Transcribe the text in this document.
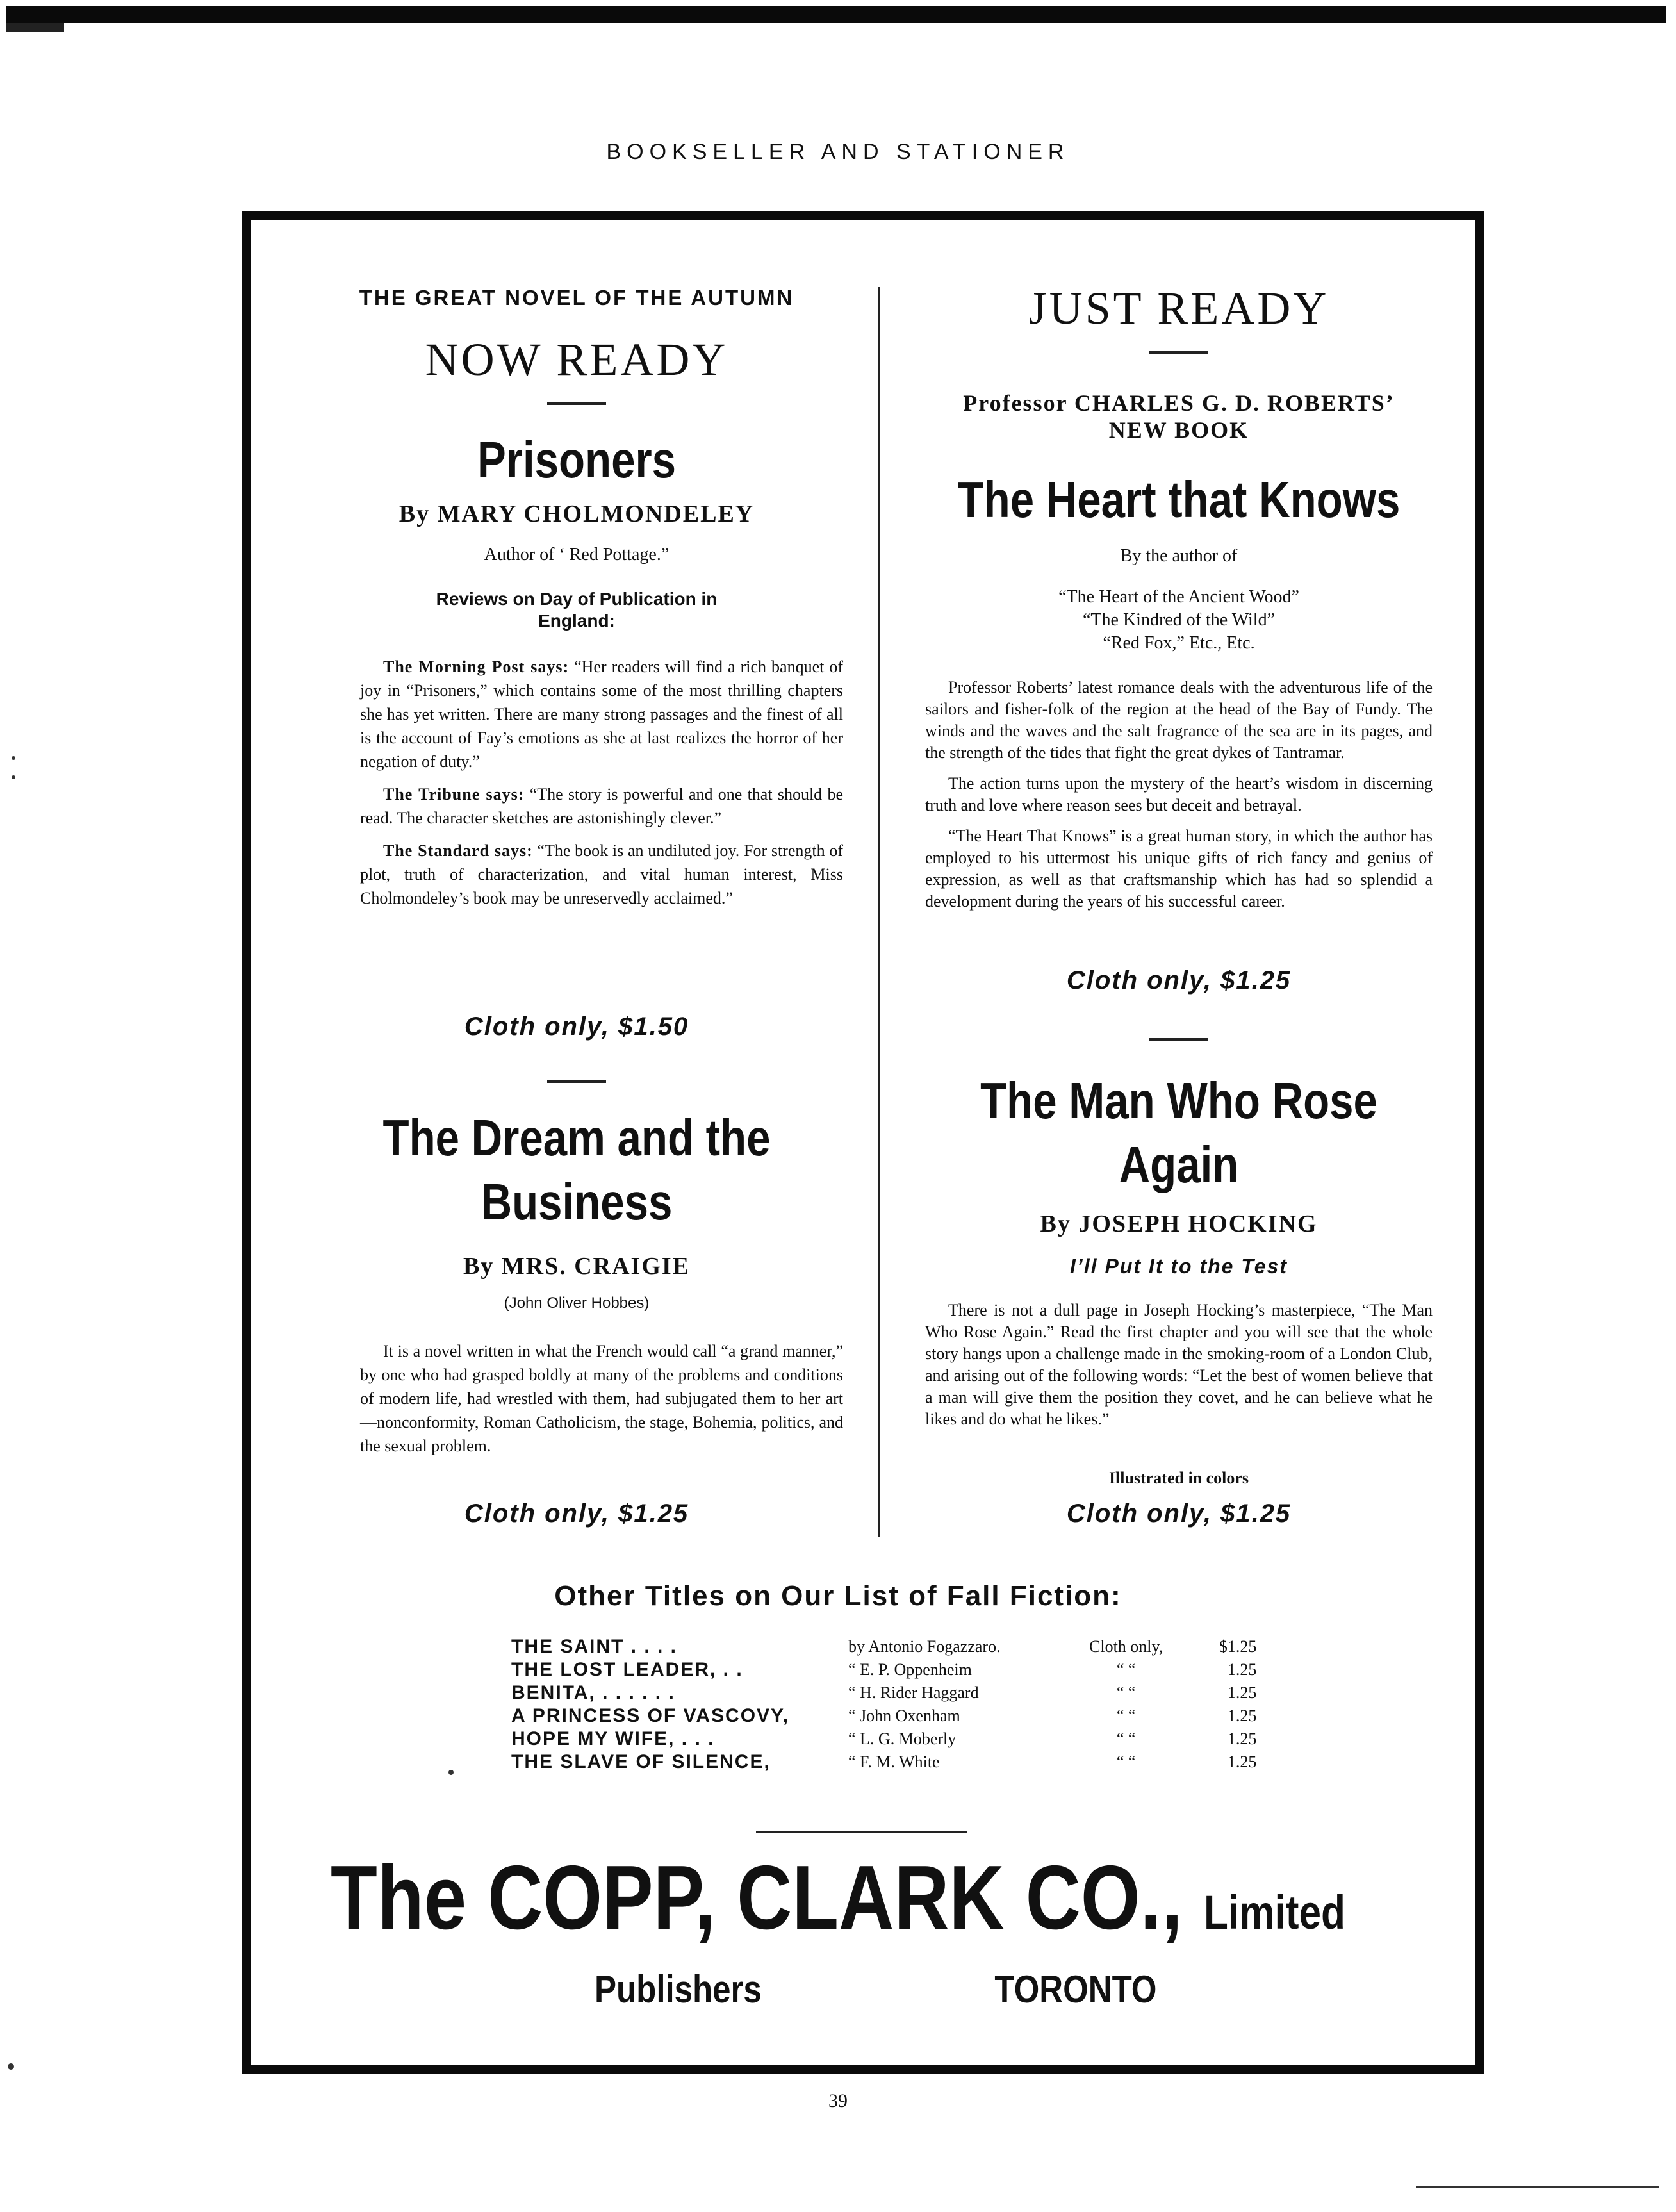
BOOKSELLER AND STATIONER
THE GREAT NOVEL OF THE AUTUMN
NOW READY
Prisoners
By MARY CHOLMONDELEY
Author of ‘ Red Pottage.”
Reviews on Day of Publication in
England:

The Morning Post says: “Her readers will find a rich banquet of joy in “Prisoners,” which contains some of the most thrilling chapters she has yet written. There are many strong passages and the finest of all is the account of Fay’s emotions as she at last realizes the horror of her negation of duty.”

The Tribune says: “The story is powerful and one that should be read. The character sketches are astonishingly clever.”

The Standard says: “The book is an undiluted joy. For strength of plot, truth of characterization, and vital human interest, Miss Cholmondeley’s book may be unreservedly acclaimed.”

Cloth only, $1.50
The Dream and the
Business
By MRS. CRAIGIE
(John Oliver Hobbes)

It is a novel written in what the French would call “a grand manner,” by one who had grasped boldly at many of the problems and conditions of modern life, had wrestled with them, had subjugated them to her art—nonconformity, Roman Catholicism, the stage, Bohemia, politics, and the sexual problem.

Cloth only, $1.25
JUST READY
Professor CHARLES G. D. ROBERTS’
NEW BOOK
The Heart that Knows
By the author of
“The Heart of the Ancient Wood”
“The Kindred of the Wild”
“Red Fox,” Etc., Etc.

Professor Roberts’ latest romance deals with the adventurous life of the sailors and fisher-folk of the region at the head of the Bay of Fundy. The winds and the waves and the salt fragrance of the sea are in its pages, and the strength of the tides that fight the great dykes of Tantramar.

The action turns upon the mystery of the heart’s wisdom in discerning truth and love where reason sees but deceit and betrayal.

“The Heart That Knows” is a great human story, in which the author has employed to his uttermost his unique gifts of rich fancy and genius of expression, as well as that craftsmanship which has had so splendid a development during the years of his successful career.

Cloth only, $1.25
The Man Who Rose
Again
By JOSEPH HOCKING
I’ll Put It to the Test

There is not a dull page in Joseph Hocking’s masterpiece, “The Man Who Rose Again.” Read the first chapter and you will see that the whole story hangs upon a challenge made in the smoking-room of a London Club, and arising out of the following words: “Let the best of women believe that a man will give them the position they covet, and he can believe what he likes and do what he likes.”

Illustrated in colors
Cloth only, $1.25
Other Titles on Our List of Fall Fiction:
THE SAINT . . . .	by Antonio Fogazzaro.	Cloth only,	$1.25
THE LOST LEADER, . .	“ E. P. Oppenheim	“ “	1.25
BENITA, . . . . . .	“ H. Rider Haggard	“ “	1.25
A PRINCESS OF VASCOVY,	“ John Oxenham	“ “	1.25
HOPE MY WIFE, . . .	“ L. G. Moberly	“ “	1.25
THE SLAVE OF SILENCE,	“ F. M. White	“ “	1.25
The COPP, CLARK CO., Limited
Publishers	TORONTO
39
